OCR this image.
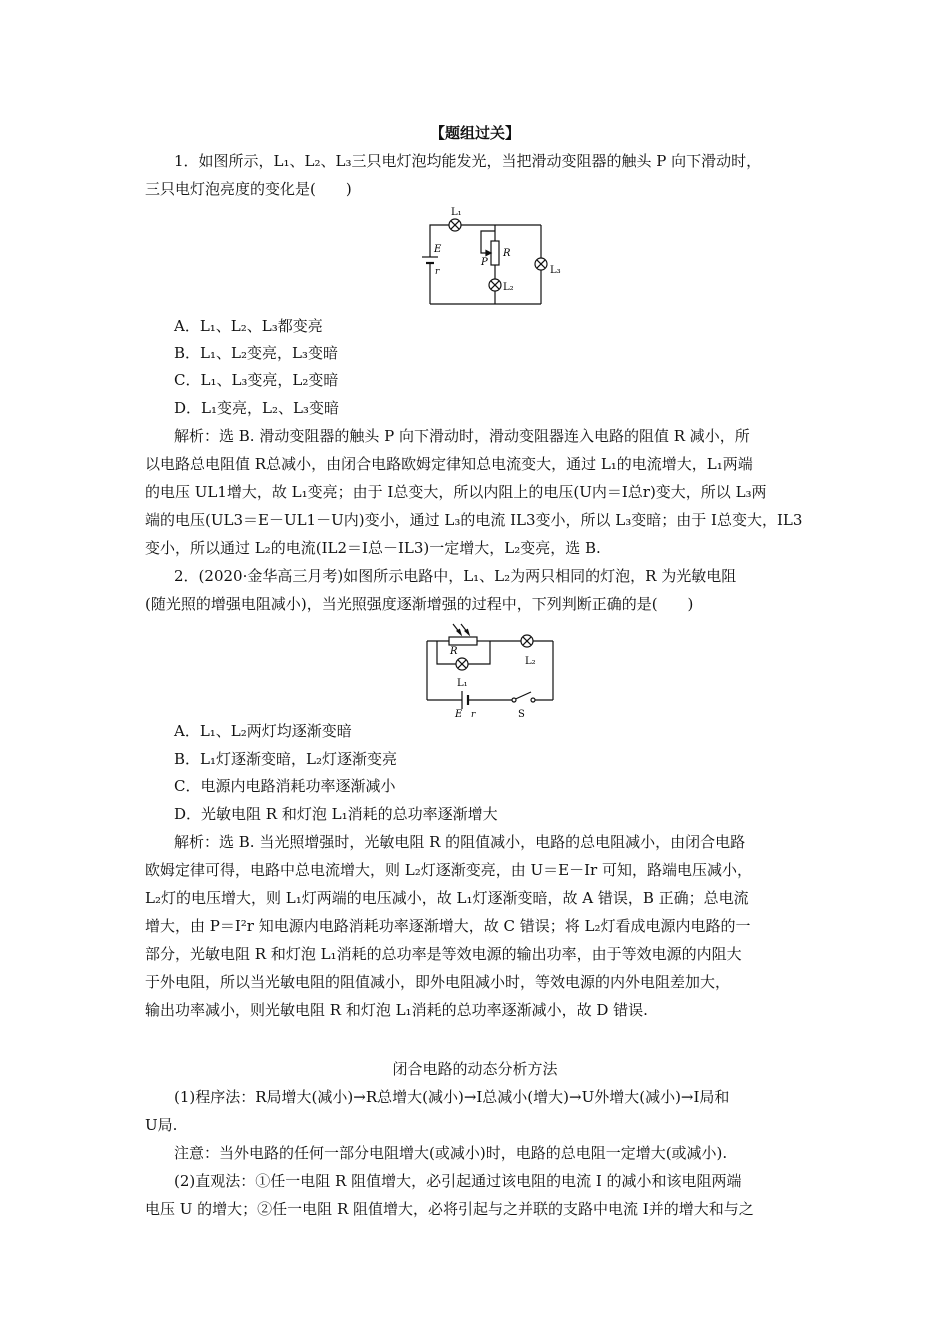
【题组过关】
1．如图所示，L₁、L₂、L₃三只电灯泡均能发光，当把滑动变阻器的触头 P 向下滑动时，
三只电灯泡亮度的变化是(　　)
L₁
E
r
P
R
L₂
L₃
A．L₁、L₂、L₃都变亮
B．L₁、L₂变亮，L₃变暗
C．L₁、L₃变亮，L₂变暗
D．L₁变亮，L₂、L₃变暗
解析：选 B. 滑动变阻器的触头 P 向下滑动时，滑动变阻器连入电路的阻值 R 减小，所
以电路总电阻值 R总减小，由闭合电路欧姆定律知总电流变大，通过 L₁的电流增大，L₁两端
的电压 UL1增大，故 L₁变亮；由于 I总变大，所以内阻上的电压(U内＝I总r)变大，所以 L₃两
端的电压(UL3＝E－UL1－U内)变小，通过 L₃的电流 IL3变小，所以 L₃变暗；由于 I总变大，IL3
变小，所以通过 L₂的电流(IL2＝I总－IL3)一定增大，L₂变亮，选 B.
2．(2020·金华高三月考)如图所示电路中，L₁、L₂为两只相同的灯泡，R 为光敏电阻
(随光照的增强电阻减小)，当光照强度逐渐增强的过程中，下列判断正确的是(　　)
R
L₂
L₁
E r	S
A．L₁、L₂两灯均逐渐变暗
B．L₁灯逐渐变暗，L₂灯逐渐变亮
C．电源内电路消耗功率逐渐减小
D．光敏电阻 R 和灯泡 L₁消耗的总功率逐渐增大
解析：选 B. 当光照增强时，光敏电阻 R 的阻值减小，电路的总电阻减小，由闭合电路
欧姆定律可得，电路中总电流增大，则 L₂灯逐渐变亮，由 U＝E－Ir 可知，路端电压减小，
L₂灯的电压增大，则 L₁灯两端的电压减小，故 L₁灯逐渐变暗，故 A 错误，B 正确；总电流
增大，由 P＝I²r 知电源内电路消耗功率逐渐增大，故 C 错误；将 L₂灯看成电源内电路的一
部分，光敏电阻 R 和灯泡 L₁消耗的总功率是等效电源的输出功率，由于等效电源的内阻大
于外电阻，所以当光敏电阻的阻值减小，即外电阻减小时，等效电源的内外电阻差加大，
输出功率减小，则光敏电阻 R 和灯泡 L₁消耗的总功率逐渐减小，故 D 错误.
闭合电路的动态分析方法
(1)程序法：R局增大(减小)→R总增大(减小)→I总减小(增大)→U外增大(减小)→I局和
U局.
注意：当外电路的任何一部分电阻增大(或减小)时，电路的总电阻一定增大(或减小).
(2)直观法：①任一电阻 R 阻值增大，必引起通过该电阻的电流 I 的减小和该电阻两端
电压 U 的增大；②任一电阻 R 阻值增大，必将引起与之并联的支路中电流 I并的增大和与之
